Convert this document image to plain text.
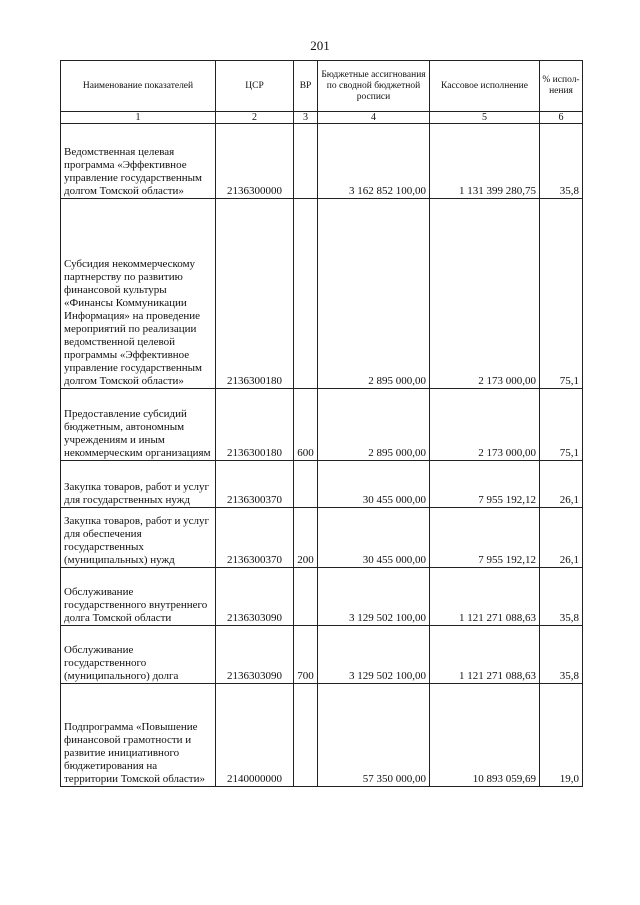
201
Наименование показателей	ЦСР	ВР	Бюджетные ассигнования по сводной бюджетной росписи	Кассовое исполнение	% испол-нения
1	2	3	4	5	6
Ведомственная целевая программа «Эффективное управление государственным долгом Томской области»	2136300000		3 162 852 100,00	1 131 399 280,75	35,8
Субсидия некоммерческому партнерству по развитию финансовой культуры «Финансы Коммуникации Информация» на проведение мероприятий по реализации ведомственной целевой программы «Эффективное управление государственным долгом Томской области»	2136300180		2 895 000,00	2 173 000,00	75,1
Предоставление субсидий бюджетным, автономным учреждениям и иным некоммерческим организациям	2136300180	600	2 895 000,00	2 173 000,00	75,1
Закупка товаров, работ и услуг для государственных нужд	2136300370		30 455 000,00	7 955 192,12	26,1
Закупка товаров, работ и услуг для обеспечения государственных (муниципальных) нужд	2136300370	200	30 455 000,00	7 955 192,12	26,1
Обслуживание государственного внутреннего долга Томской области	2136303090		3 129 502 100,00	1 121 271 088,63	35,8
Обслуживание государственного (муниципального) долга	2136303090	700	3 129 502 100,00	1 121 271 088,63	35,8
Подпрограмма «Повышение финансовой грамотности и развитие инициативного бюджетирования на территории Томской области»	2140000000		57 350 000,00	10 893 059,69	19,0
